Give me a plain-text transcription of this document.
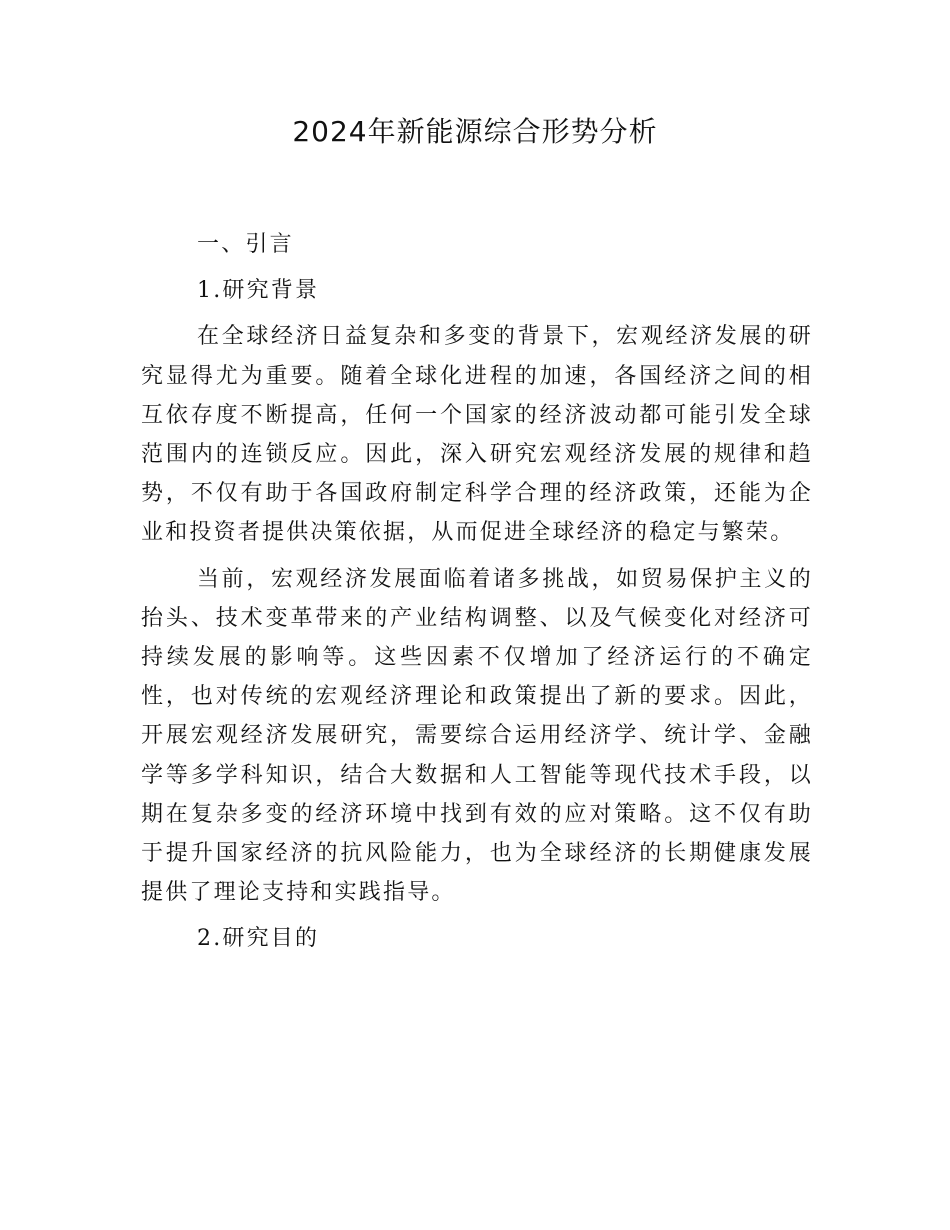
2024年新能源综合形势分析

一、引言

1.研究背景

在全球经济日益复杂和多变的背景下，宏观经济发展的研究显得尤为重要。随着全球化进程的加速，各国经济之间的相互依存度不断提高，任何一个国家的经济波动都可能引发全球范围内的连锁反应。因此，深入研究宏观经济发展的规律和趋势，不仅有助于各国政府制定科学合理的经济政策，还能为企业和投资者提供决策依据，从而促进全球经济的稳定与繁荣。

当前，宏观经济发展面临着诸多挑战，如贸易保护主义的抬头、技术变革带来的产业结构调整、以及气候变化对经济可持续发展的影响等。这些因素不仅增加了经济运行的不确定性，也对传统的宏观经济理论和政策提出了新的要求。因此，开展宏观经济发展研究，需要综合运用经济学、统计学、金融学等多学科知识，结合大数据和人工智能等现代技术手段，以期在复杂多变的经济环境中找到有效的应对策略。这不仅有助于提升国家经济的抗风险能力，也为全球经济的长期健康发展提供了理论支持和实践指导。

2.研究目的
